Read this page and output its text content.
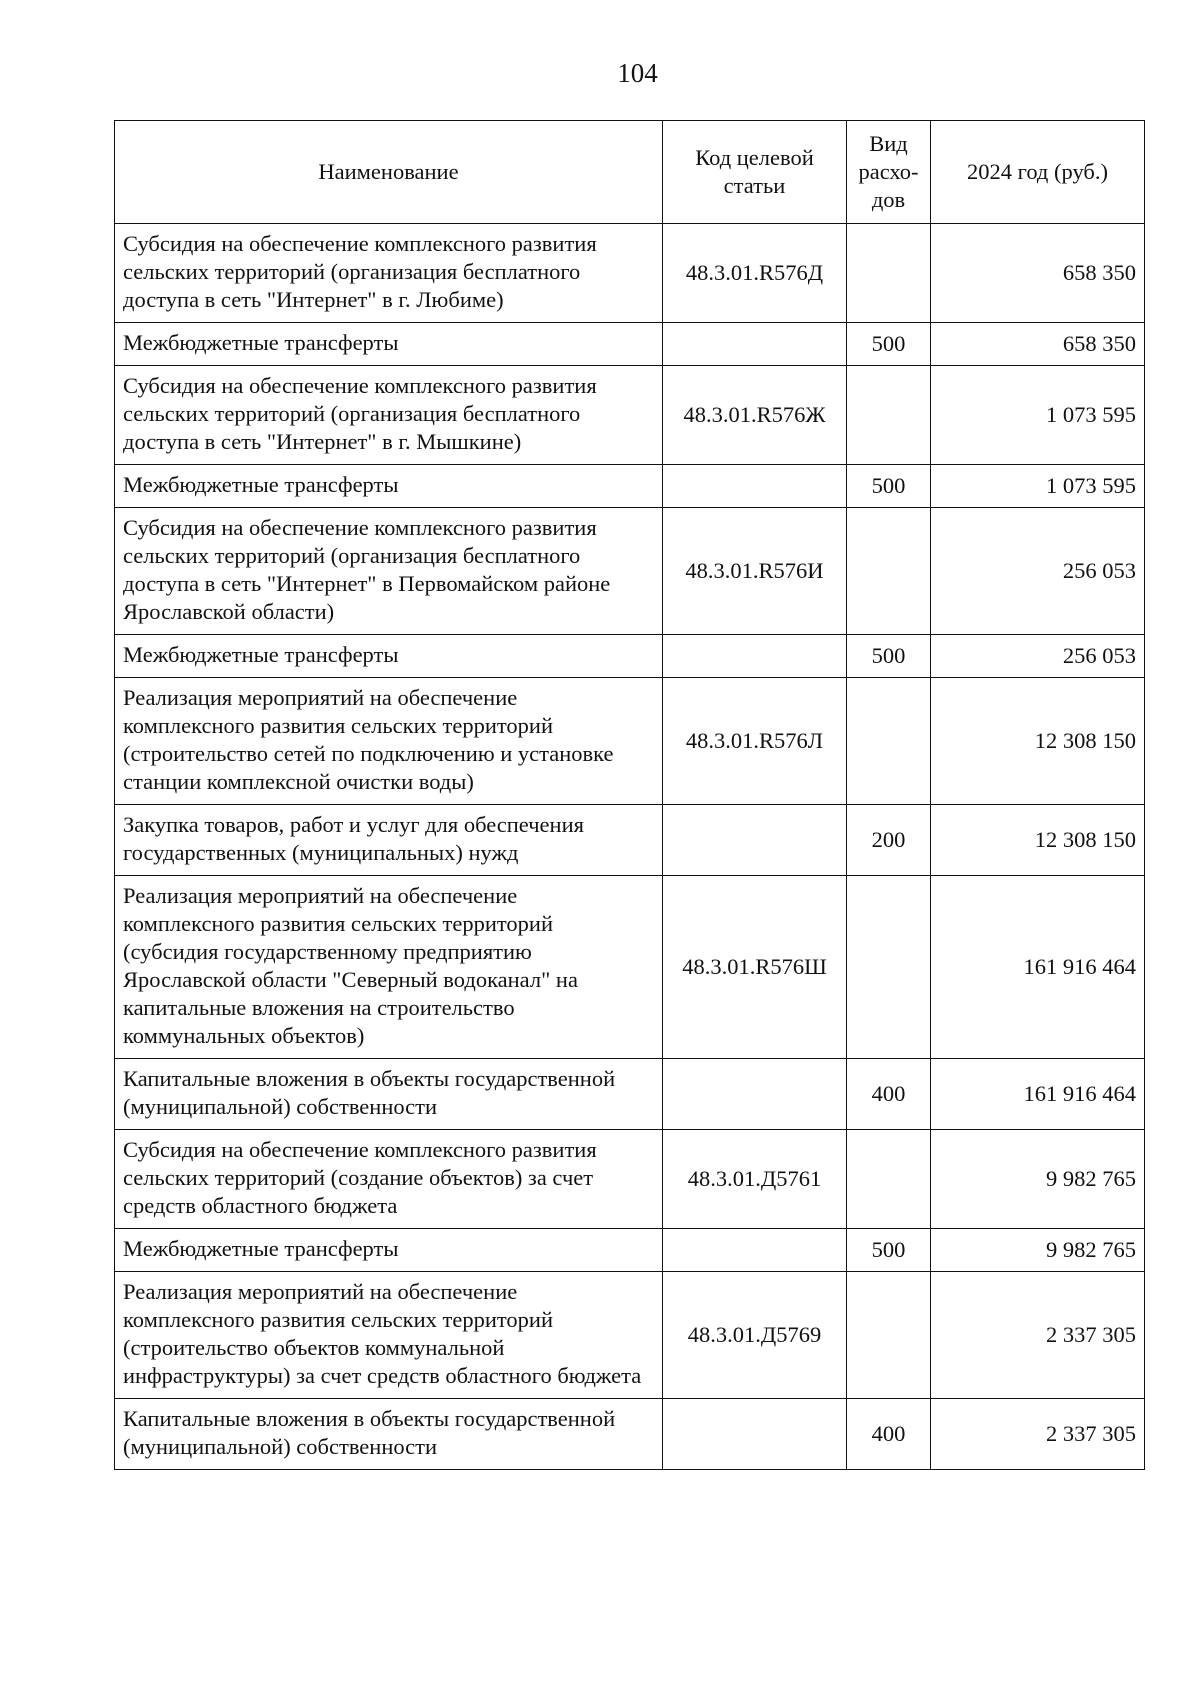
104
Наименование	Код целевой статьи	Вид расхо-дов	2024 год (руб.)
Субсидия на обеспечение комплексного развития сельских территорий (организация бесплатного доступа в сеть "Интернет" в г. Любиме)	48.3.01.R576Д		658 350
Межбюджетные трансферты		500	658 350
Субсидия на обеспечение комплексного развития сельских территорий (организация бесплатного доступа в сеть "Интернет" в г. Мышкине)	48.3.01.R576Ж		1 073 595
Межбюджетные трансферты		500	1 073 595
Субсидия на обеспечение комплексного развития сельских территорий (организация бесплатного доступа в сеть "Интернет" в Первомайском районе Ярославской области)	48.3.01.R576И		256 053
Межбюджетные трансферты		500	256 053
Реализация мероприятий на обеспечение комплексного развития сельских территорий (строительство сетей по подключению и установке станции комплексной очистки воды)	48.3.01.R576Л		12 308 150
Закупка товаров, работ и услуг для обеспечения государственных (муниципальных) нужд		200	12 308 150
Реализация мероприятий на обеспечение комплексного развития сельских территорий (субсидия государственному предприятию Ярославской области "Северный водоканал" на капитальные вложения на строительство коммунальных объектов)	48.3.01.R576Ш		161 916 464
Капитальные вложения в объекты государственной (муниципальной) собственности		400	161 916 464
Субсидия на обеспечение комплексного развития сельских территорий (создание объектов) за счет средств областного бюджета	48.3.01.Д5761		9 982 765
Межбюджетные трансферты		500	9 982 765
Реализация мероприятий на обеспечение комплексного развития сельских территорий (строительство объектов коммунальной инфраструктуры) за счет средств областного бюджета	48.3.01.Д5769		2 337 305
Капитальные вложения в объекты государственной (муниципальной) собственности		400	2 337 305
